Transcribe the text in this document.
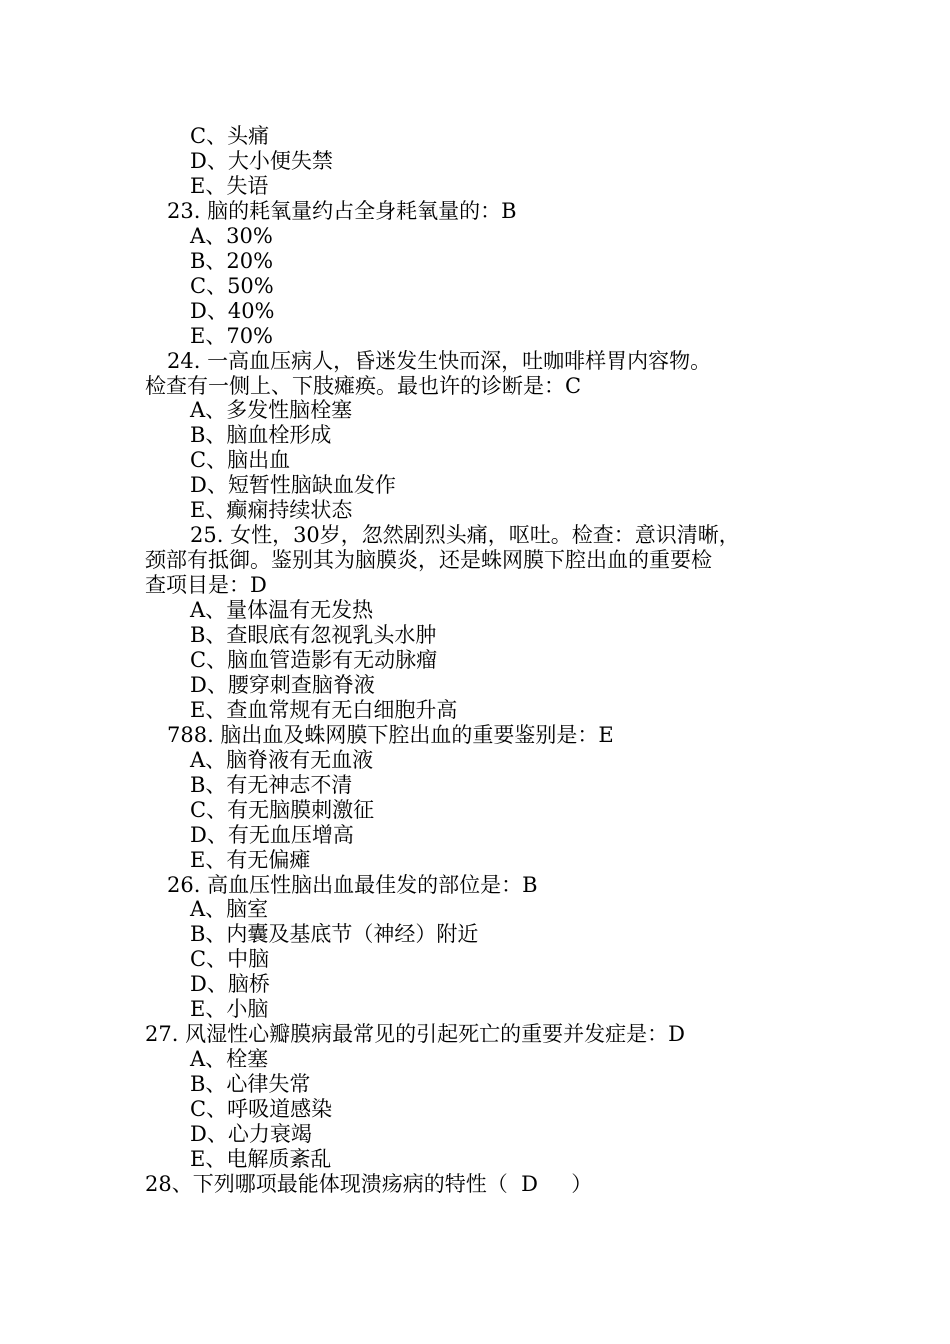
C、头痛
D、大小便失禁
E、失语
23. 脑的耗氧量约占全身耗氧量的：B
A、30%
B、20%
C、50%
D、40%
E、70%
24. 一高血压病人，昏迷发生快而深，吐咖啡样胃内容物。
检查有一侧上、下肢瘫痪。最也许的诊断是：C
A、多发性脑栓塞
B、脑血栓形成
C、脑出血
D、短暂性脑缺血发作
E、癫痫持续状态
25. 女性，30岁，忽然剧烈头痛，呕吐。检查：意识清晰，
颈部有抵御。鉴别其为脑膜炎，还是蛛网膜下腔出血的重要检
查项目是：D
A、量体温有无发热
B、查眼底有忽视乳头水肿
C、脑血管造影有无动脉瘤
D、腰穿刺查脑脊液
E、查血常规有无白细胞升高
788. 脑出血及蛛网膜下腔出血的重要鉴别是：E
A、脑脊液有无血液
B、有无神志不清
C、有无脑膜刺激征
D、有无血压增高
E、有无偏瘫
26. 高血压性脑出血最佳发的部位是：B
A、脑室
B、内囊及基底节（神经）附近
C、中脑
D、脑桥
E、小脑
27. 风湿性心瓣膜病最常见的引起死亡的重要并发症是：D
A、栓塞
B、心律失常
C、呼吸道感染
D、心力衰竭
E、电解质紊乱
28、下列哪项最能体现溃疡病的特性（  D     ）
